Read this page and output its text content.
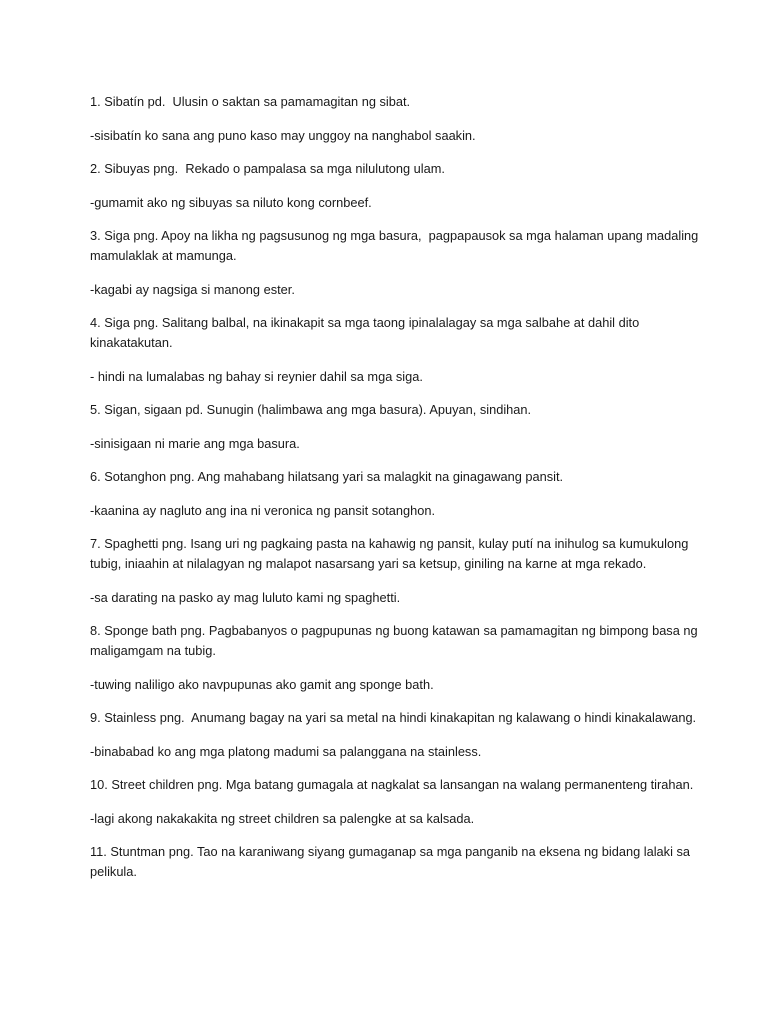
1. Sibatín pd.  Ulusin o saktan sa pamamagitan ng sibat.

-sisibatín ko sana ang puno kaso may unggoy na nanghabol saakin.

2. Sibuyas png.  Rekado o pampalasa sa mga nilulutong ulam.

-gumamit ako ng sibuyas sa niluto kong cornbeef.

3. Siga png. Apoy na likha ng pagsusunog ng mga basura,  pagpapausok sa mga halaman upang madaling mamulaklak at mamunga.

-kagabi ay nagsiga si manong ester.

4. Siga png. Salitang balbal, na ikinakapit sa mga taong ipinalalagay sa mga salbahe at dahil dito kinakatakutan.

- hindi na lumalabas ng bahay si reynier dahil sa mga siga.

5. Sigan, sigaan pd. Sunugin (halimbawa ang mga basura). Apuyan, sindihan.

-sinisigaan ni marie ang mga basura.

6. Sotanghon png. Ang mahabang hilatsang yari sa malagkit na ginagawang pansit.

-kaanina ay nagluto ang ina ni veronica ng pansit sotanghon.

7. Spaghetti png. Isang uri ng pagkaing pasta na kahawig ng pansit, kulay putí na inihulog sa kumukulong tubig, iniaahin at nilalagyan ng malapot nasarsang yari sa ketsup, giniling na karne at mga rekado.

-sa darating na pasko ay mag luluto kami ng spaghetti.

8. Sponge bath png. Pagbabanyos o pagpupunas ng buong katawan sa pamamagitan ng bimpong basa ng maligamgam na tubig.

-tuwing naliligo ako navpupunas ako gamit ang sponge bath.

9. Stainless png.  Anumang bagay na yari sa metal na hindi kinakapitan ng kalawang o hindi kinakalawang.

-binababad ko ang mga platong madumi sa palanggana na stainless.

10. Street children png. Mga batang gumagala at nagkalat sa lansangan na walang permanenteng tirahan.

-lagi akong nakakakita ng street children sa palengke at sa kalsada.

11. Stuntman png. Tao na karaniwang siyang gumaganap sa mga panganib na eksena ng bidang lalaki sa pelikula.
